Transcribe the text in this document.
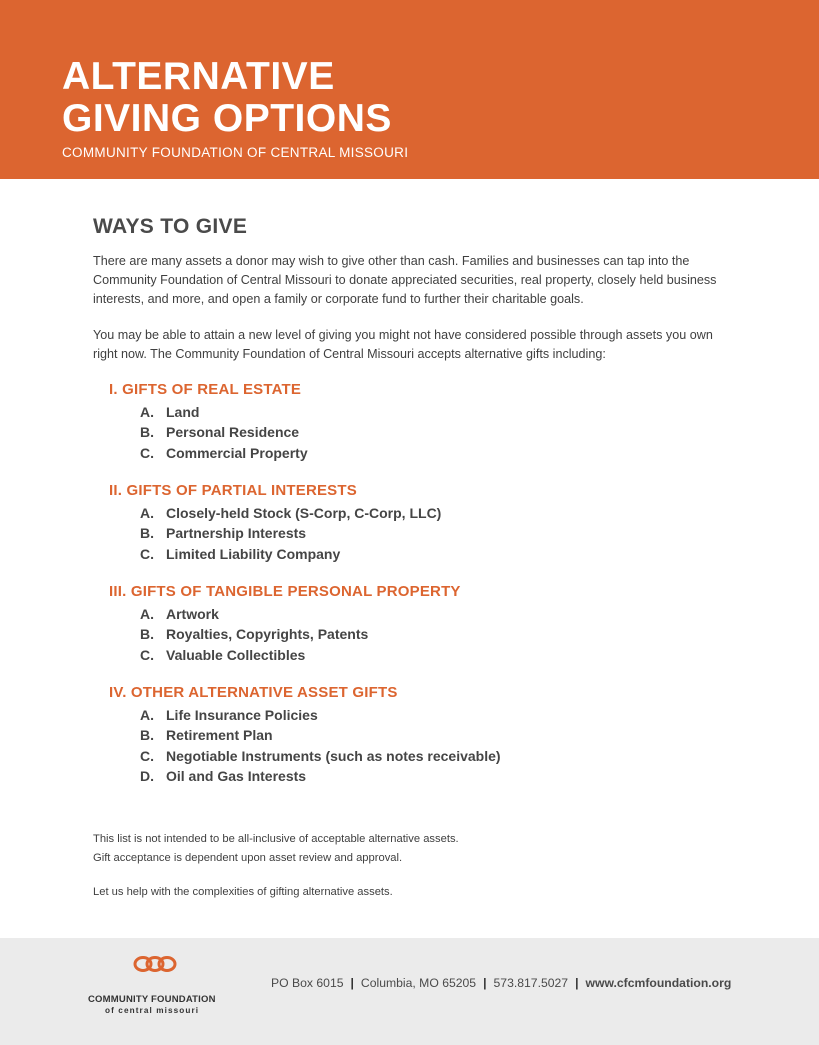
ALTERNATIVE
GIVING OPTIONS
COMMUNITY FOUNDATION OF CENTRAL MISSOURI
WAYS TO GIVE

There are many assets a donor may wish to give other than cash. Families and businesses can tap into the Community Foundation of Central Missouri to donate appreciated securities, real property, closely held business interests, and more, and open a family or corporate fund to further their charitable goals.

You may be able to attain a new level of giving you might not have considered possible through assets you own right now. The Community Foundation of Central Missouri accepts alternative gifts including:

I. GIFTS OF REAL ESTATE
A. Land
B. Personal Residence
C. Commercial Property
II. GIFTS OF PARTIAL INTERESTS
A. Closely-held Stock (S-Corp, C-Corp, LLC)
B. Partnership Interests
C. Limited Liability Company
III. GIFTS OF TANGIBLE PERSONAL PROPERTY
A. Artwork
B. Royalties, Copyrights, Patents
C. Valuable Collectibles
IV. OTHER ALTERNATIVE ASSET GIFTS
A. Life Insurance Policies
B. Retirement Plan
C. Negotiable Instruments (such as notes receivable)
D. Oil and Gas Interests
This list is not intended to be all-inclusive of acceptable alternative assets.
Gift acceptance is dependent upon asset review and approval.
Let us help with the complexities of gifting alternative assets.
COMMUNITY FOUNDATION
of central missouri
PO Box 6015 | Columbia, MO 65205 | 573.817.5027 | www.cfcmfoundation.org
